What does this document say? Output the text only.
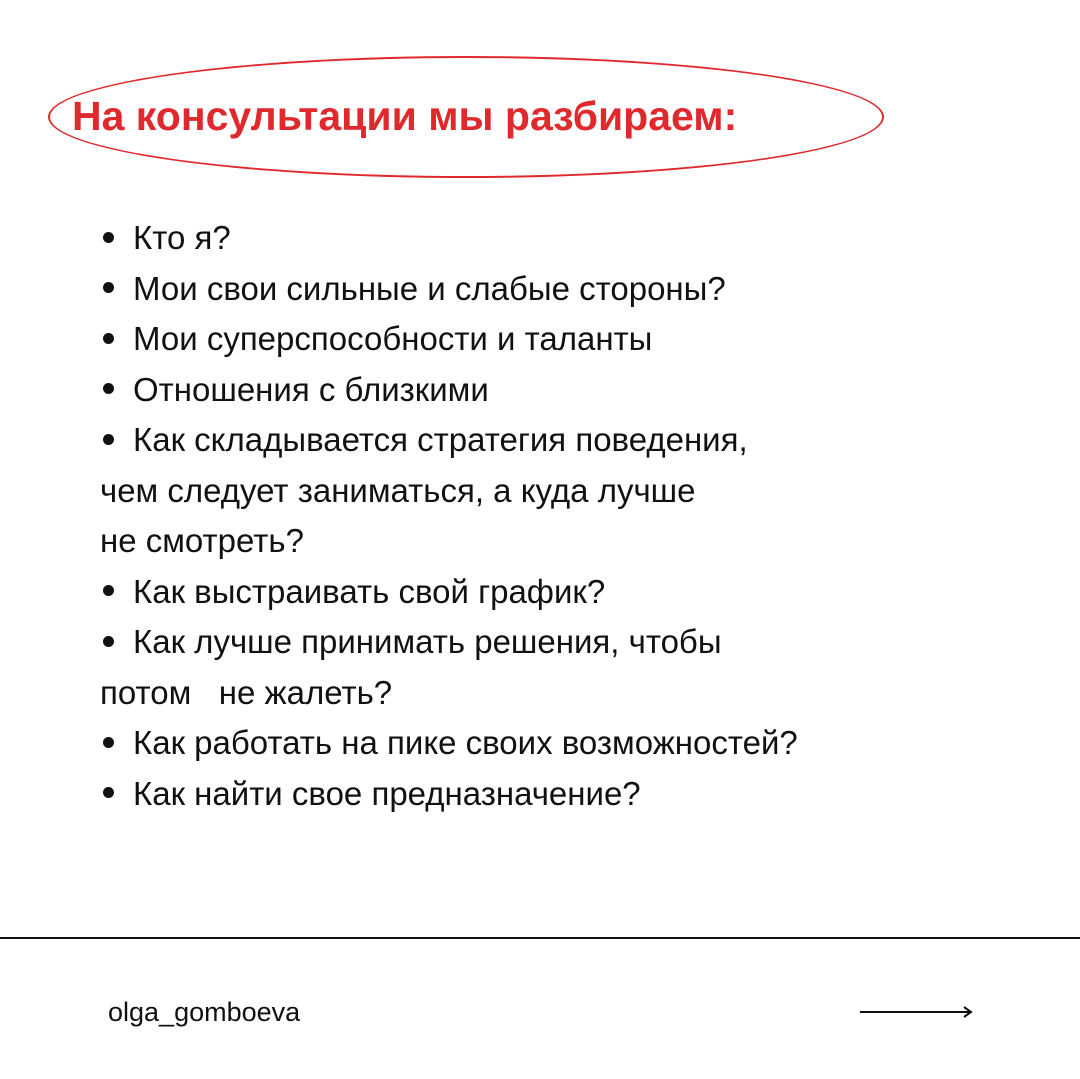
На консультации мы разбираем:
Кто я?
Мои свои сильные и слабые стороны?
Мои суперспособности и таланты
Отношения с близкими
Как складывается стратегия поведения,
чем следует заниматься, а куда лучше
не смотреть?
Как выстраивать свой график?
Как лучше принимать решения, чтобы
потом   не жалеть?
Как работать на пике своих возможностей?
Как найти свое предназначение?
olga_gomboeva
